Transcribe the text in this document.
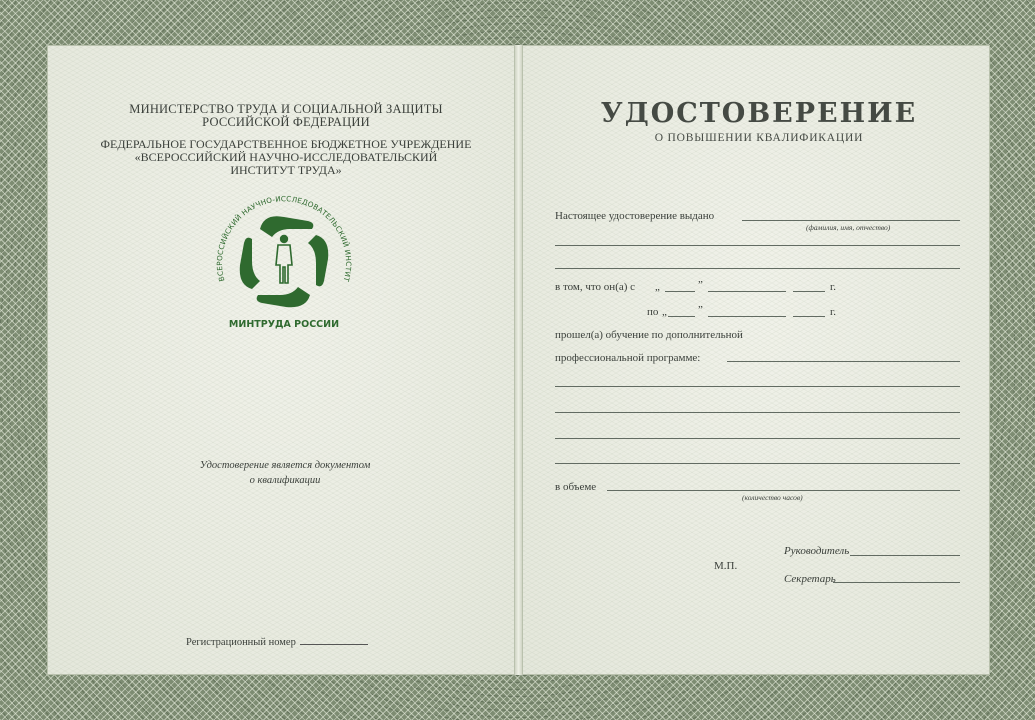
МИНИСТЕРСТВО ТРУДА И СОЦИАЛЬНОЙ ЗАЩИТЫ РОССИЙСКОЙ ФЕДЕРАЦИИ
ФЕДЕРАЛЬНОЕ ГОСУДАРСТВЕННОЕ БЮДЖЕТНОЕ УЧРЕЖДЕНИЕ
«ВСЕРОССИЙСКИЙ НАУЧНО-ИССЛЕДОВАТЕЛЬСКИЙ
ИНСТИТУТ ТРУДА»
ВСЕРОССИЙСКИЙ НАУЧНО-ИССЛЕДОВАТЕЛЬСКИЙ ИНСТИТ
МИНТРУДА РОССИИ
Удостоверение является документом
о квалификации
Регистрационный номер
УДОСТОВЕРЕНИЕ
О ПОВЫШЕНИИ КВАЛИФИКАЦИИ
Настоящее удостоверение выдано
(фамилия, имя, отчество)
в том, что он(а) с „	”	г.
по „	”	г.
прошел(а) обучение по дополнительной
профессиональной программе:
в объеме
(количество часов)
Руководитель
М.П.
Секретарь
